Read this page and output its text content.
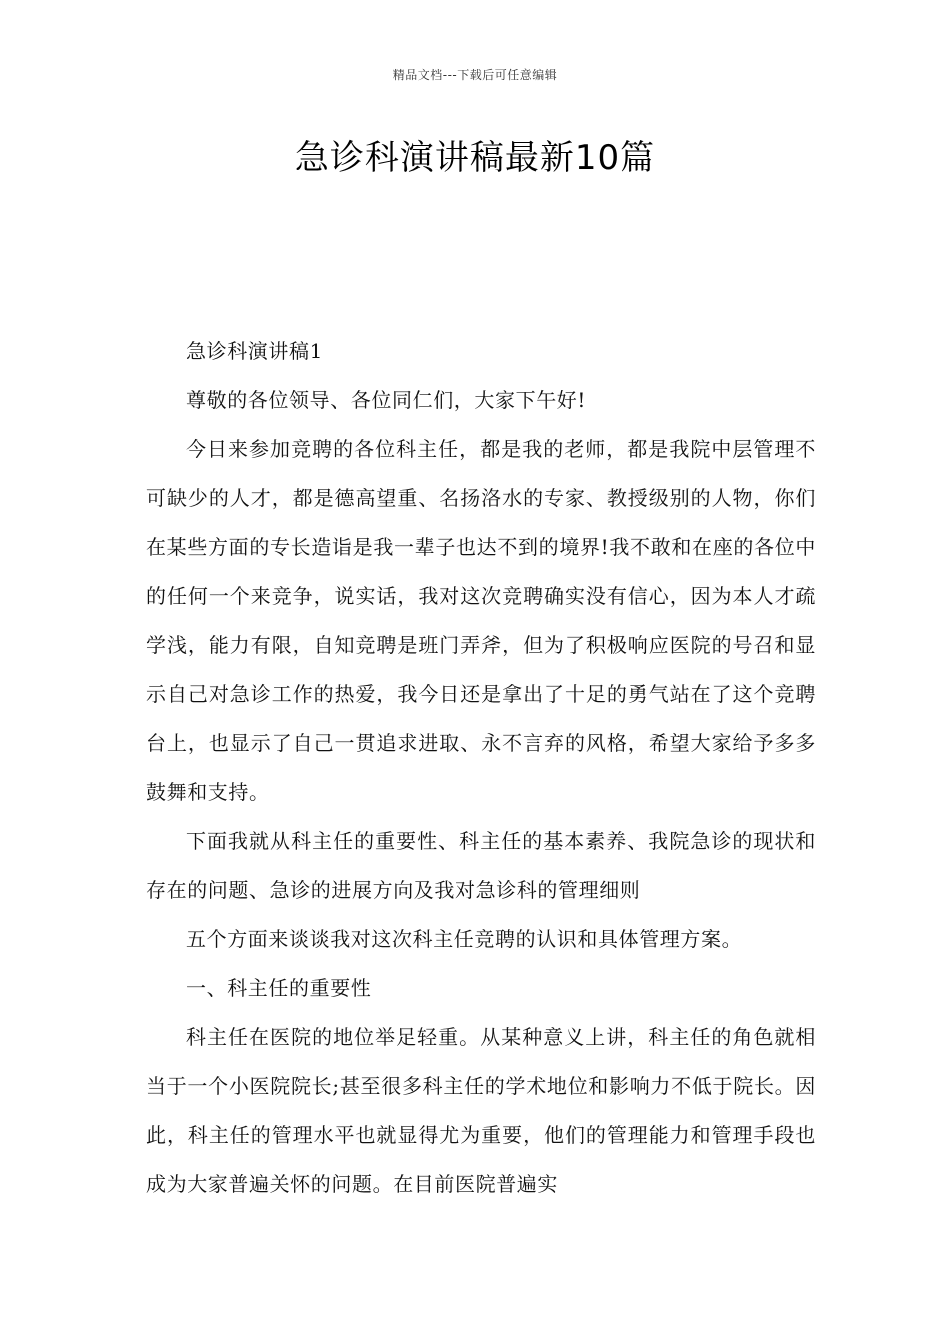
精品文档---下载后可任意编辑
急诊科演讲稿最新10篇

急诊科演讲稿1

尊敬的各位领导、各位同仁们，大家下午好!

今日来参加竞聘的各位科主任，都是我的老师，都是我院中层管理不可缺少的人才，都是德高望重、名扬洛水的专家、教授级别的人物，你们在某些方面的专长造诣是我一辈子也达不到的境界!我不敢和在座的各位中的任何一个来竞争，说实话，我对这次竞聘确实没有信心，因为本人才疏学浅，能力有限，自知竞聘是班门弄斧，但为了积极响应医院的号召和显示自己对急诊工作的热爱，我今日还是拿出了十足的勇气站在了这个竞聘台上，也显示了自己一贯追求进取、永不言弃的风格，希望大家给予多多鼓舞和支持。

下面我就从科主任的重要性、科主任的基本素养、我院急诊的现状和存在的问题、急诊的进展方向及我对急诊科的管理细则

五个方面来谈谈我对这次科主任竞聘的认识和具体管理方案。

一、科主任的重要性

科主任在医院的地位举足轻重。从某种意义上讲，科主任的角色就相当于一个小医院院长;甚至很多科主任的学术地位和影响力不低于院长。因此，科主任的管理水平也就显得尤为重要，他们的管理能力和管理手段也成为大家普遍关怀的问题。在目前医院普遍实
